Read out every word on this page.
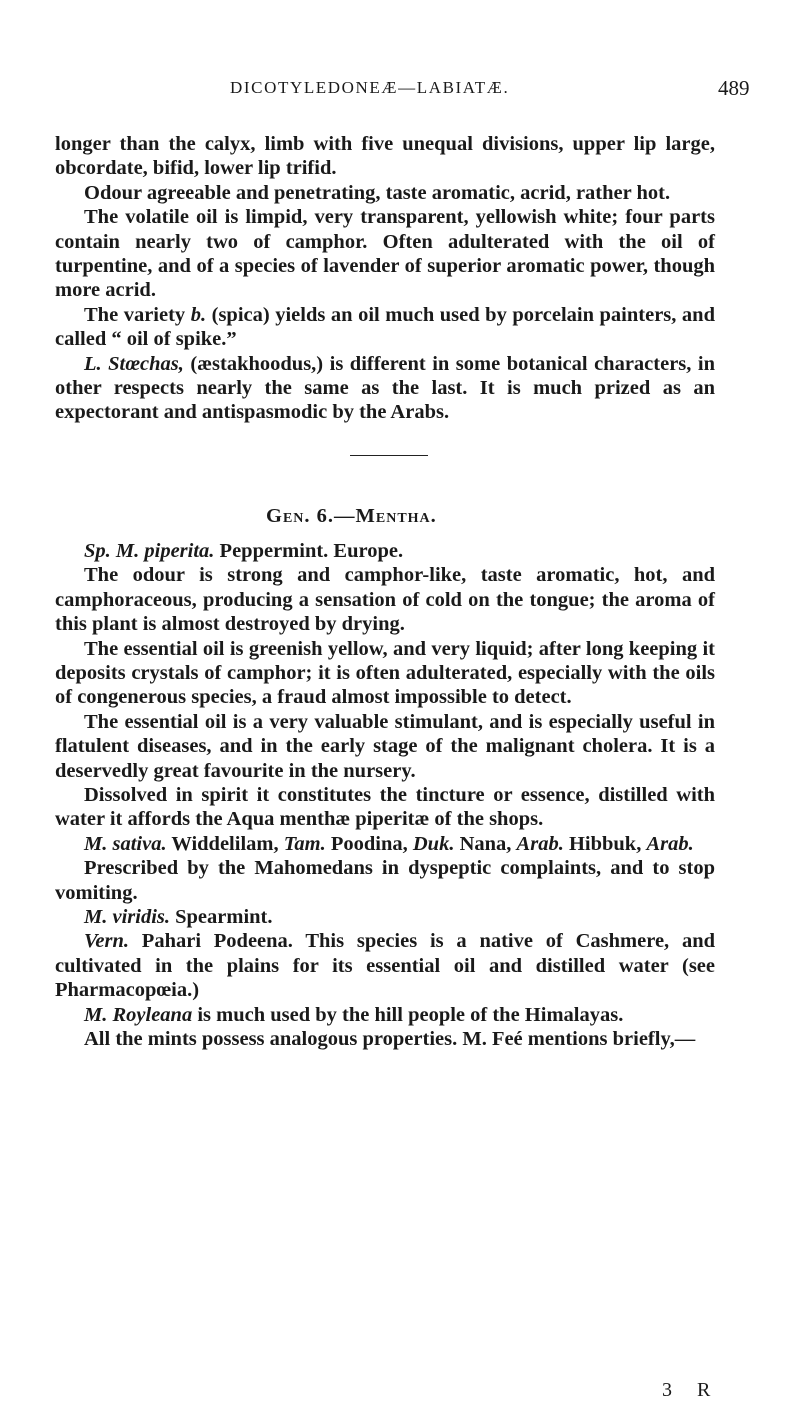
DICOTYLEDONEÆ—LABIATÆ.	489

longer than the calyx, limb with five unequal divisions, upper lip large, obcordate, bifid, lower lip trifid.

Odour agreeable and penetrating, taste aromatic, acrid, rather hot.

The volatile oil is limpid, very transparent, yellowish white; four parts contain nearly two of camphor. Often adulterated with the oil of turpentine, and of a species of lavender of superior aromatic power, though more acrid.

The variety b. (spica) yields an oil much used by porcelain painters, and called “ oil of spike.”

L. Stœchas, (æstakhoodus,) is different in some botanical characters, in other respects nearly the same as the last. It is much prized as an expectorant and antispasmodic by the Arabs.

Gen. 6.—Mentha.

Sp. M. piperita. Peppermint. Europe.

The odour is strong and camphor-like, taste aromatic, hot, and camphoraceous, producing a sensation of cold on the tongue; the aroma of this plant is almost destroyed by drying.

The essential oil is greenish yellow, and very liquid; after long keeping it deposits crystals of camphor; it is often adulterated, especially with the oils of congenerous species, a fraud almost impossible to detect.

The essential oil is a very valuable stimulant, and is especially useful in flatulent diseases, and in the early stage of the malignant cholera. It is a deservedly great favourite in the nursery.

Dissolved in spirit it constitutes the tincture or essence, distilled with water it affords the Aqua menthæ piperitæ of the shops.

M. sativa. Widdelilam, Tam. Poodina, Duk. Nana, Arab. Hibbuk, Arab.

Prescribed by the Mahomedans in dyspeptic complaints, and to stop vomiting.

M. viridis. Spearmint.

Vern. Pahari Podeena. This species is a native of Cashmere, and cultivated in the plains for its essential oil and distilled water (see Pharmacopœia.)

M. Royleana is much used by the hill people of the Himalayas.

All the mints possess analogous properties. M. Feé mentions briefly,—

3 R
